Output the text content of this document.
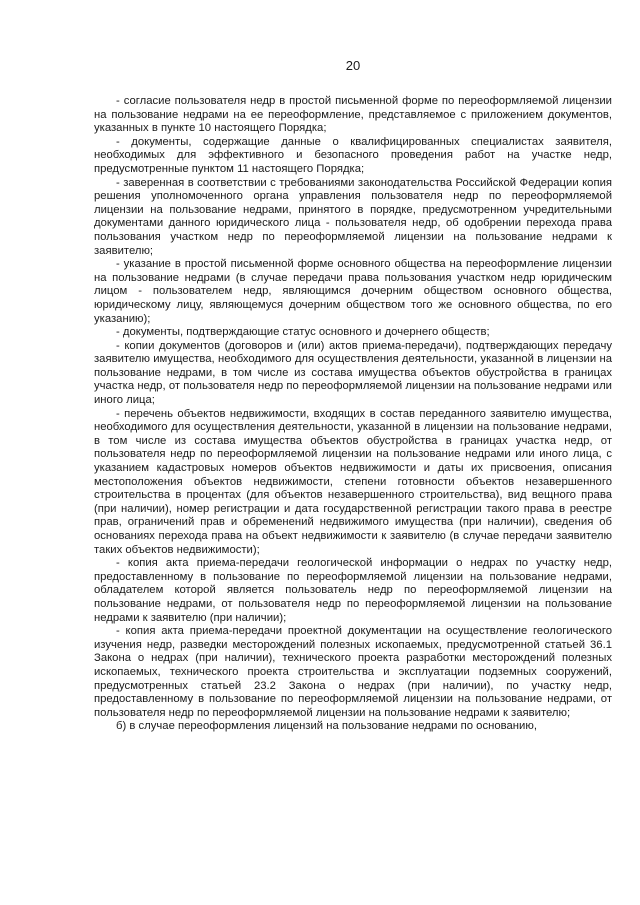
20

- согласие пользователя недр в простой письменной форме по переоформляемой лицензии на пользование недрами на ее переоформление, представляемое с приложением документов, указанных в пункте 10 настоящего Порядка;

- документы, содержащие данные о квалифицированных специалистах заявителя, необходимых для эффективного и безопасного проведения работ на участке недр, предусмотренные пунктом 11 настоящего Порядка;

- заверенная в соответствии с требованиями законодательства Российской Федерации копия решения уполномоченного органа управления пользователя недр по переоформляемой лицензии на пользование недрами, принятого в порядке, предусмотренном учредительными документами данного юридического лица - пользователя недр, об одобрении перехода права пользования участком недр по переоформляемой лицензии на пользование недрами к заявителю;

- указание в простой письменной форме основного общества на переоформление лицензии на пользование недрами (в случае передачи права пользования участком недр юридическим лицом - пользователем недр, являющимся дочерним обществом основного общества, юридическому лицу, являющемуся дочерним обществом того же основного общества, по его указанию);

- документы, подтверждающие статус основного и дочернего обществ;

- копии документов (договоров и (или) актов приема-передачи), подтверждающих передачу заявителю имущества, необходимого для осуществления деятельности, указанной в лицензии на пользование недрами, в том числе из состава имущества объектов обустройства в границах участка недр, от пользователя недр по переоформляемой лицензии на пользование недрами или иного лица;

- перечень объектов недвижимости, входящих в состав переданного заявителю имущества, необходимого для осуществления деятельности, указанной в лицензии на пользование недрами, в том числе из состава имущества объектов обустройства в границах участка недр, от пользователя недр по переоформляемой лицензии на пользование недрами или иного лица, с указанием кадастровых номеров объектов недвижимости и даты их присвоения, описания местоположения объектов недвижимости, степени готовности объектов незавершенного строительства в процентах (для объектов незавершенного строительства), вид вещного права (при наличии), номер регистрации и дата государственной регистрации такого права в реестре прав, ограничений прав и обременений недвижимого имущества (при наличии), сведения об основаниях перехода права на объект недвижимости к заявителю (в случае передачи заявителю таких объектов недвижимости);

- копия акта приема-передачи геологической информации о недрах по участку недр, предоставленному в пользование по переоформляемой лицензии на пользование недрами, обладателем которой является пользователь недр по переоформляемой лицензии на пользование недрами, от пользователя недр по переоформляемой лицензии на пользование недрами к заявителю (при наличии);

- копия акта приема-передачи проектной документации на осуществление геологического изучения недр, разведки месторождений полезных ископаемых, предусмотренной статьей 36.1 Закона о недрах (при наличии), технического проекта разработки месторождений полезных ископаемых, технического проекта строительства и эксплуатации подземных сооружений, предусмотренных статьей 23.2 Закона о недрах (при наличии), по участку недр, предоставленному в пользование по переоформляемой лицензии на пользование недрами, от пользователя недр по переоформляемой лицензии на пользование недрами к заявителю;

б) в случае переоформления лицензий на пользование недрами по основанию,
